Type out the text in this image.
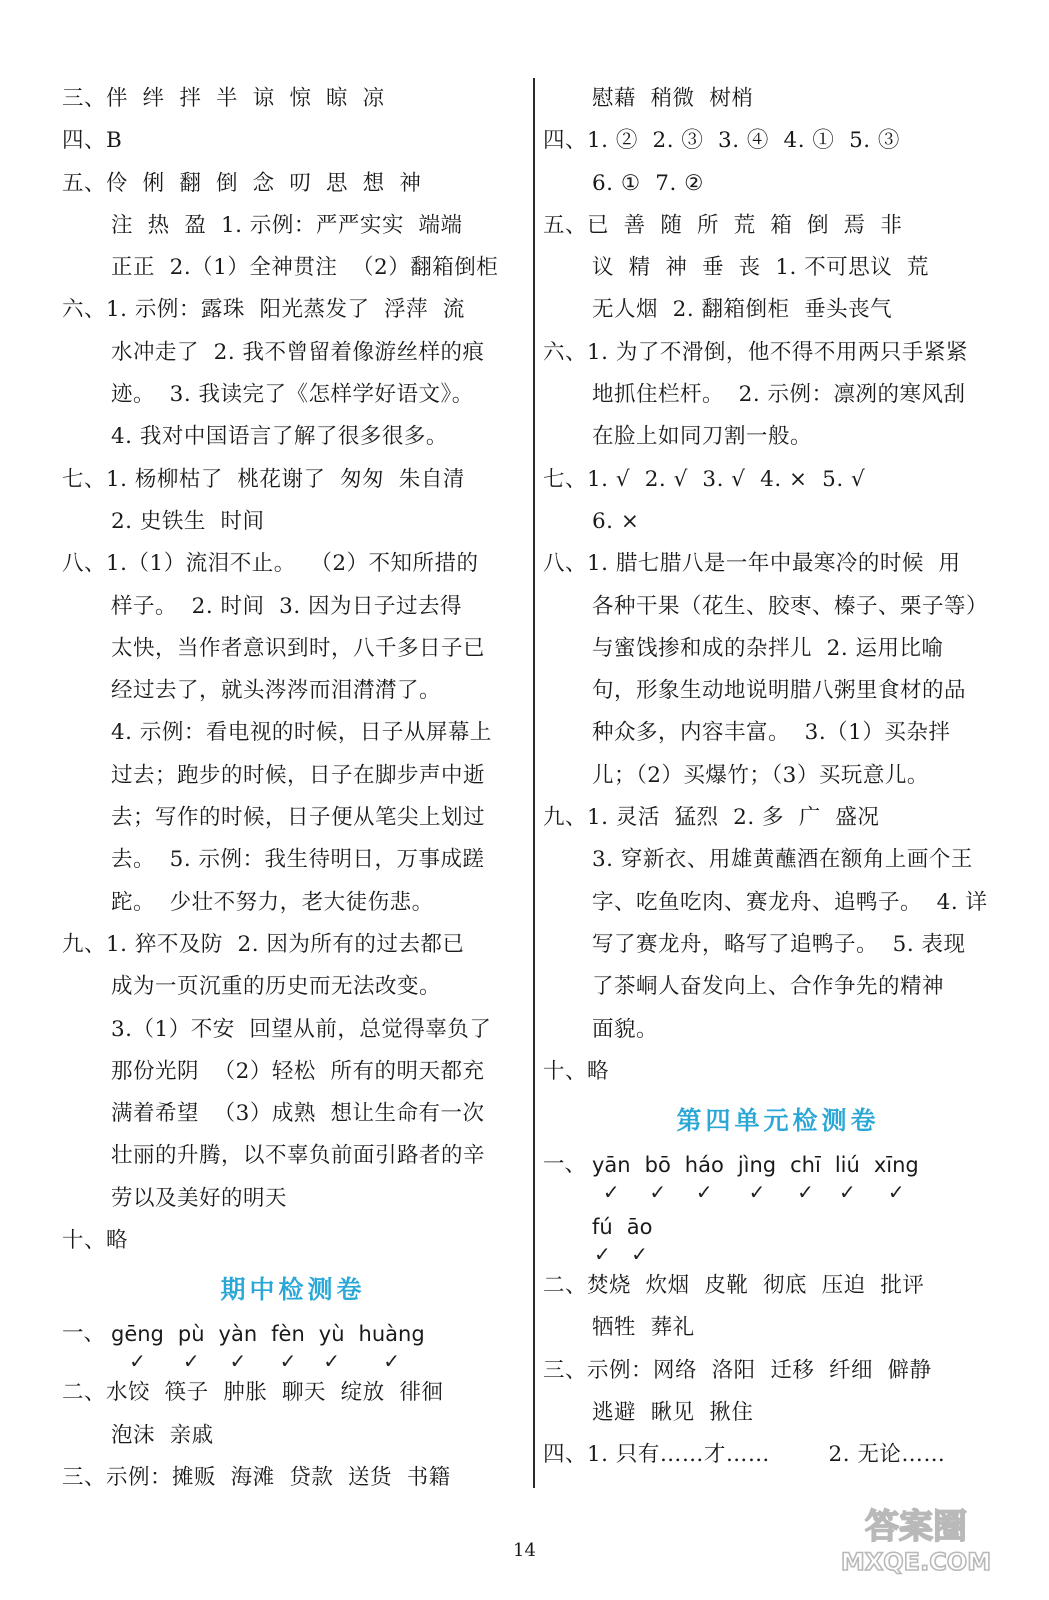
三、伴  绊  拌  半  谅  惊  晾  凉
四、B
五、伶  俐  翻  倒  念  叨  思  想  神
注  热  盈  1. 示例：严严实实  端端
正正  2.（1）全神贯注  （2）翻箱倒柜
六、1. 示例：露珠  阳光蒸发了  浮萍  流
水冲走了  2. 我不曾留着像游丝样的痕
迹。  3. 我读完了《怎样学好语文》。
4. 我对中国语言了解了很多很多。
七、1. 杨柳枯了  桃花谢了  匆匆  朱自清
2. 史铁生  时间
八、1.（1）流泪不止。  （2）不知所措的
样子。  2. 时间  3. 因为日子过去得
太快，当作者意识到时，八千多日子已
经过去了，就头涔涔而泪潸潸了。
4. 示例：看电视的时候，日子从屏幕上
过去；跑步的时候，日子在脚步声中逝
去；写作的时候，日子便从笔尖上划过
去。  5. 示例：我生待明日，万事成蹉
跎。  少壮不努力，老大徒伤悲。
九、1. 猝不及防  2. 因为所有的过去都已
成为一页沉重的历史而无法改变。
3.（1）不安  回望从前，总觉得辜负了
那份光阴  （2）轻松  所有的明天都充
满着希望  （3）成熟  想让生命有一次
壮丽的升腾，以不辜负前面引路者的辛
劳以及美好的明天
十、略
期中检测卷
一、 gēng
✓
pù
✓
yàn
✓
fèn
✓
yù
✓
huàng
✓
二、水饺  筷子  肿胀  聊天  绽放  徘徊
泡沫  亲戚
三、示例：摊贩  海滩  贷款  送货  书籍
慰藉  稍微  树梢
四、1. ②  2. ③  3. ④  4. ①  5. ③
6. ①  7. ②
五、已  善  随  所  荒  箱  倒  焉  非
议  精  神  垂  丧  1. 不可思议  荒
无人烟  2. 翻箱倒柜  垂头丧气
六、1. 为了不滑倒，他不得不用两只手紧紧
地抓住栏杆。  2. 示例：凛冽的寒风刮
在脸上如同刀割一般。
七、1. √  2. √  3. √  4. ×  5. √
6. ×
八、1. 腊七腊八是一年中最寒冷的时候  用
各种干果（花生、胶枣、榛子、栗子等）
与蜜饯掺和成的杂拌儿  2. 运用比喻
句，形象生动地说明腊八粥里食材的品
种众多，内容丰富。  3.（1）买杂拌
儿；（2）买爆竹；（3）买玩意儿。
九、1. 灵活  猛烈  2. 多  广  盛况
3. 穿新衣、用雄黄蘸酒在额角上画个王
字、吃鱼吃肉、赛龙舟、追鸭子。  4. 详
写了赛龙舟，略写了追鸭子。  5. 表现
了茶峒人奋发向上、合作争先的精神
面貌。
十、略
第四单元检测卷
一、 yān
✓
bō
✓
háo
✓
jìng
✓
chī
✓
liú
✓
xīng
✓
fú
✓
āo
✓
二、焚烧  炊烟  皮靴  彻底  压迫  批评
牺牲  葬礼
三、示例：网络  洛阳  迁移  纤细  僻静
逃避  瞅见  揪住
四、1. 只有……才……        2. 无论……
14
答案圈
MXQE.COM
